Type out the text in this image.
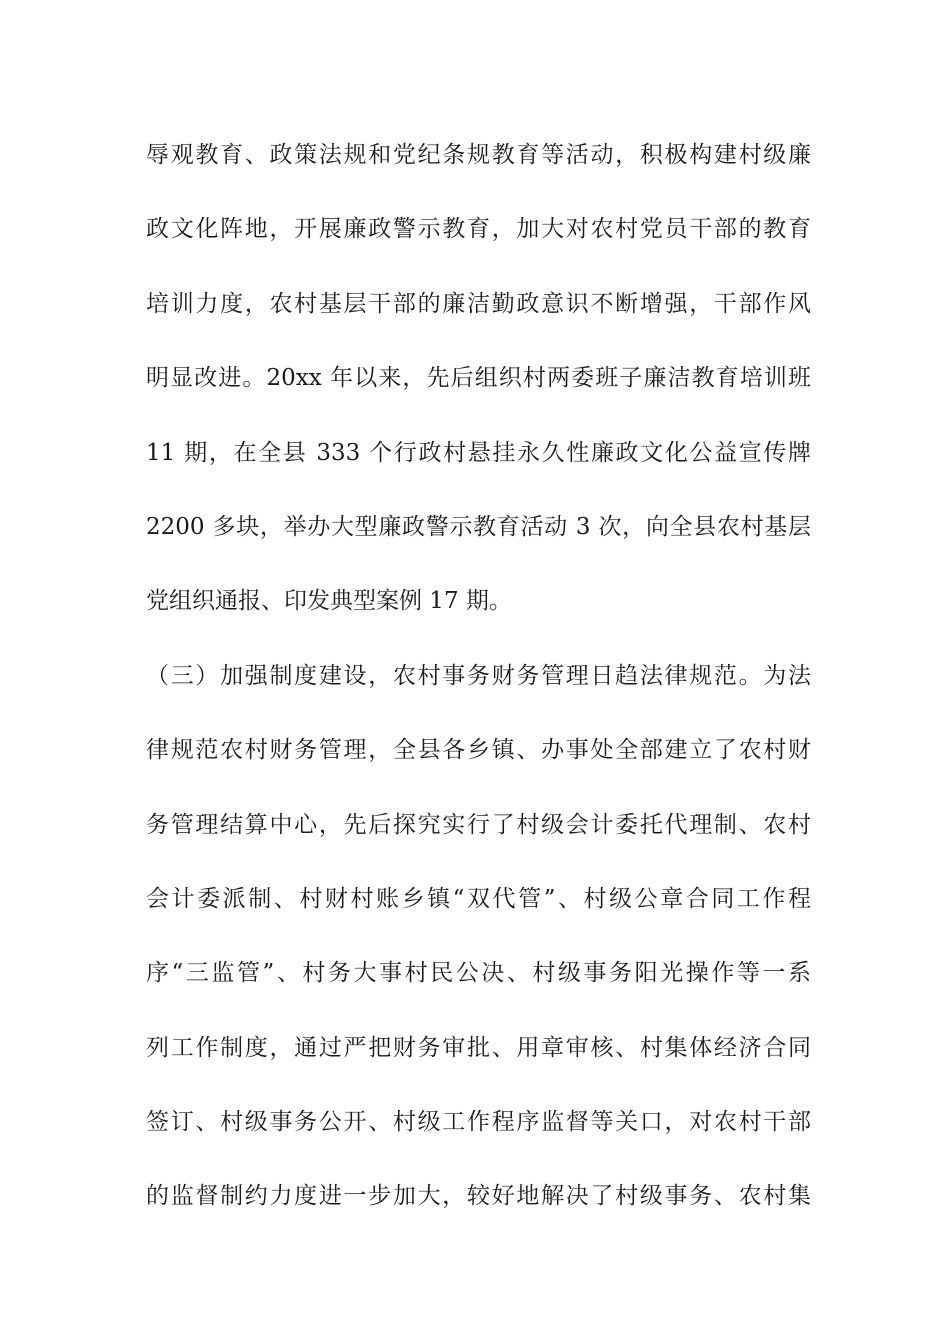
辱观教育、政策法规和党纪条规教育等活动，积极构建村级廉
政文化阵地，开展廉政警示教育，加大对农村党员干部的教育
培训力度，农村基层干部的廉洁勤政意识不断增强，干部作风
明显改进。20xx 年以来，先后组织村两委班子廉洁教育培训班
11 期，在全县 333 个行政村悬挂永久性廉政文化公益宣传牌
2200 多块，举办大型廉政警示教育活动 3 次，向全县农村基层
党组织通报、印发典型案例 17 期。
（三）加强制度建设，农村事务财务管理日趋法律规范。为法
律规范农村财务管理，全县各乡镇、办事处全部建立了农村财
务管理结算中心，先后探究实行了村级会计委托代理制、农村
会计委派制、村财村账乡镇“双代管”、村级公章合同工作程
序“三监管”、村务大事村民公决、村级事务阳光操作等一系
列工作制度，通过严把财务审批、用章审核、村集体经济合同
签订、村级事务公开、村级工作程序监督等关口，对农村干部
的监督制约力度进一步加大，较好地解决了村级事务、农村集
